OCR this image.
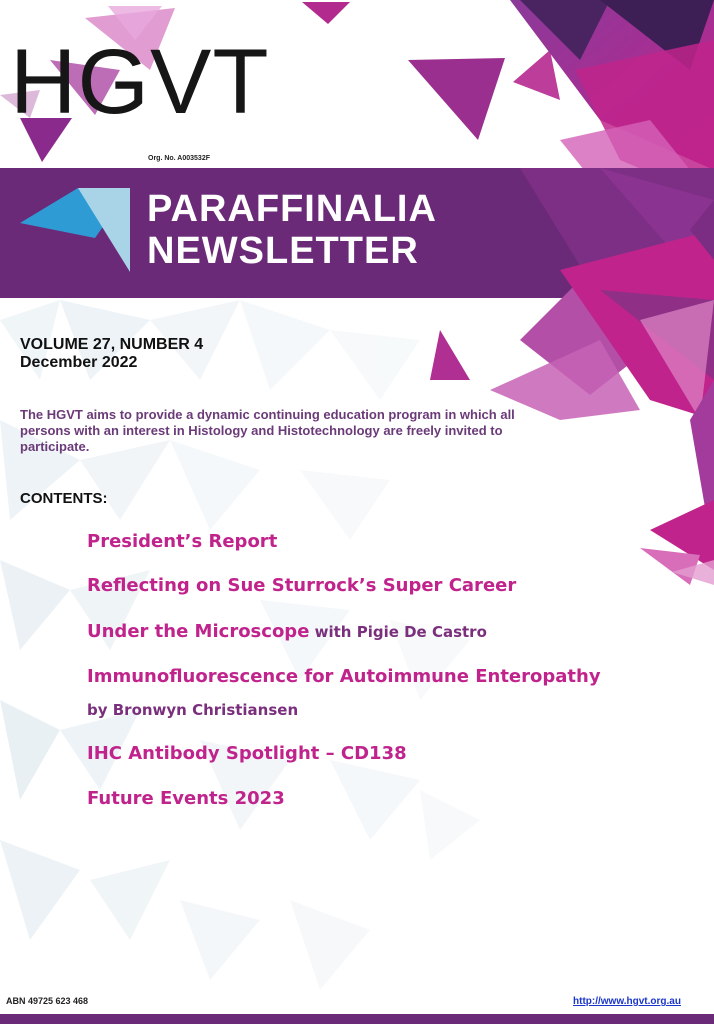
HGVT
Org. No. A003532F
PARAFFINALIA
NEWSLETTER
VOLUME 27, NUMBER 4
December 2022
The HGVT aims to provide a dynamic continuing education program in which all persons with an interest in Histology and Histotechnology are freely invited to participate.
CONTENTS:
President’s Report
Reflecting on Sue Sturrock’s Super Career
Under the Microscope with Pigie De Castro
Immunofluorescence for Autoimmune Enteropathy
by Bronwyn Christiansen
IHC Antibody Spotlight – CD138
Future Events 2023
ABN 49725 623 468	http://www.hgvt.org.au
